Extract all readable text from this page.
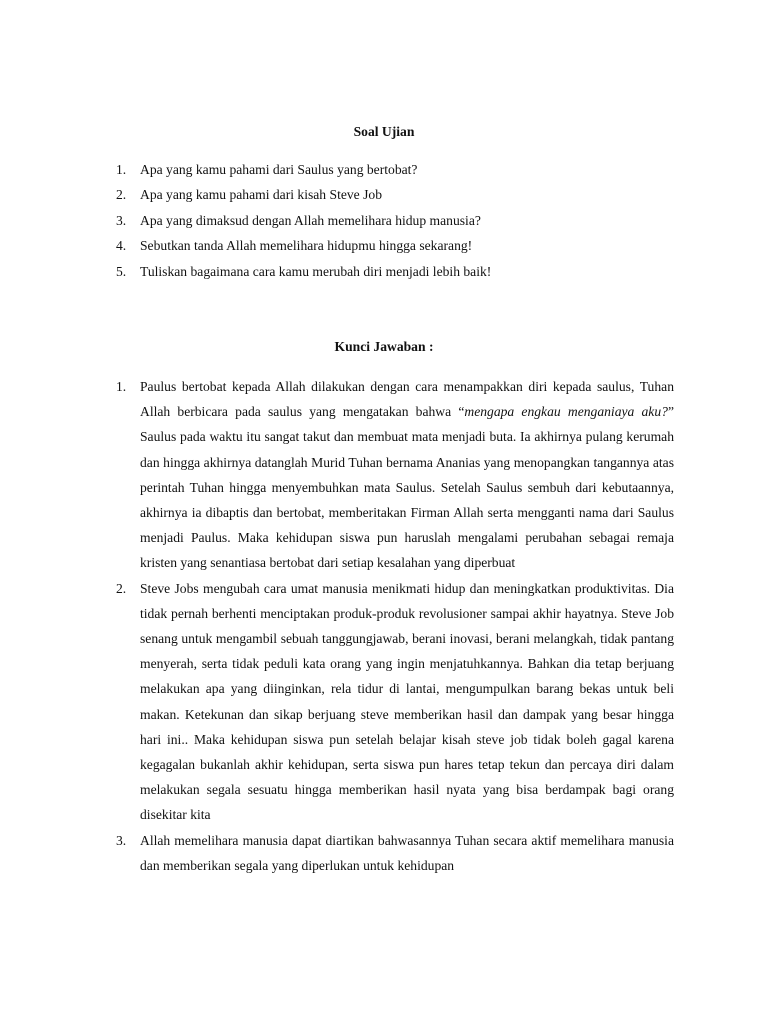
Soal Ujian
1. Apa yang kamu pahami dari Saulus yang bertobat?
2. Apa yang kamu pahami dari kisah Steve Job
3. Apa yang dimaksud dengan Allah memelihara hidup manusia?
4. Sebutkan tanda Allah memelihara hidupmu hingga sekarang!
5. Tuliskan bagaimana cara kamu merubah diri menjadi lebih baik!
Kunci Jawaban :
1. Paulus bertobat kepada Allah dilakukan dengan cara menampakkan diri kepada saulus, Tuhan Allah berbicara pada saulus yang mengatakan bahwa “mengapa engkau menganiaya aku?” Saulus pada waktu itu sangat takut dan membuat mata menjadi buta. Ia akhirnya pulang kerumah dan hingga akhirnya datanglah Murid Tuhan bernama Ananias yang menopangkan tangannya atas perintah Tuhan hingga menyembuhkan mata Saulus. Setelah Saulus sembuh dari kebutaannya, akhirnya ia dibaptis dan bertobat, memberitakan Firman Allah serta mengganti nama dari Saulus menjadi Paulus. Maka kehidupan siswa pun haruslah mengalami perubahan sebagai remaja kristen yang senantiasa bertobat dari setiap kesalahan yang diperbuat
2. Steve Jobs mengubah cara umat manusia menikmati hidup dan meningkatkan produktivitas. Dia tidak pernah berhenti menciptakan produk-produk revolusioner sampai akhir hayatnya. Steve Job senang untuk mengambil sebuah tanggungjawab, berani inovasi, berani melangkah, tidak pantang menyerah, serta tidak peduli kata orang yang ingin menjatuhkannya. Bahkan dia tetap berjuang melakukan apa yang diinginkan, rela tidur di lantai, mengumpulkan barang bekas untuk beli makan. Ketekunan dan sikap berjuang steve memberikan hasil dan dampak yang besar hingga hari ini.. Maka kehidupan siswa pun setelah belajar kisah steve job tidak boleh gagal karena kegagalan bukanlah akhir kehidupan, serta siswa pun hares tetap tekun dan percaya diri dalam melakukan segala sesuatu hingga memberikan hasil nyata yang bisa berdampak bagi orang disekitar kita
3. Allah memelihara manusia dapat diartikan bahwasannya Tuhan secara aktif memelihara manusia dan memberikan segala yang diperlukan untuk kehidupan
